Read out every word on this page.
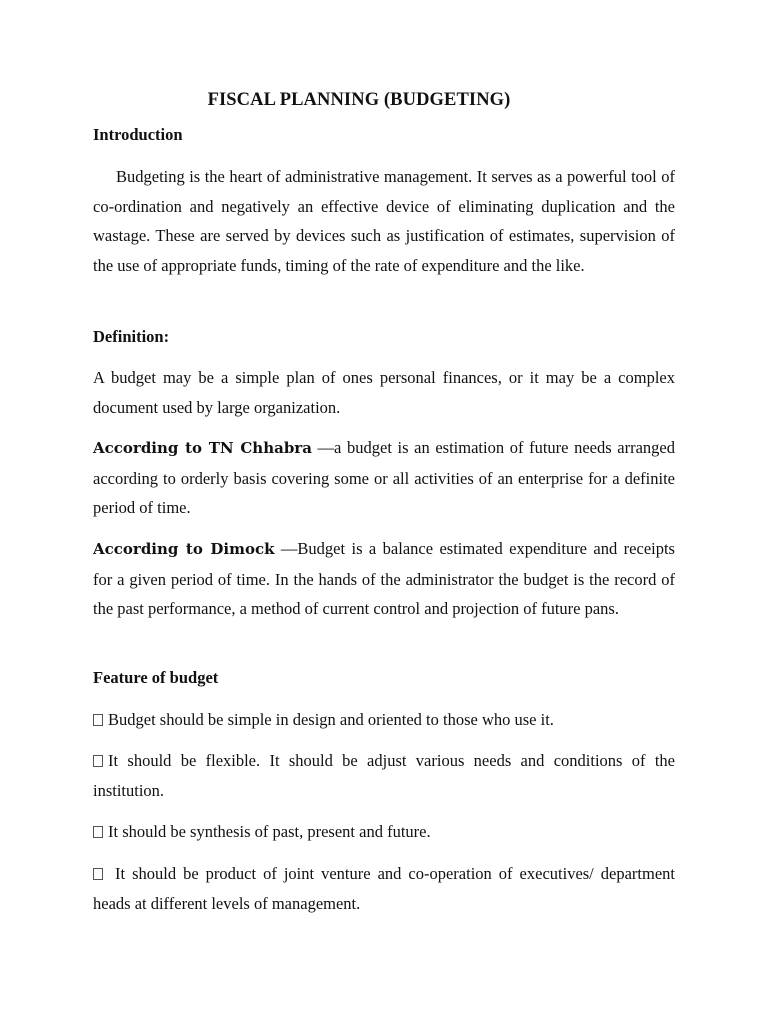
FISCAL PLANNING (BUDGETING)
Introduction

Budgeting is the heart of administrative management. It serves as a powerful tool of co-ordination and negatively an effective device of eliminating duplication and the wastage. These are served by devices such as justification of estimates, supervision of the use of appropriate funds, timing of the rate of expenditure and the like.

Definition:

A budget may be a simple plan of ones personal finances, or it may be a complex document used by large organization.

According to TN Chhabra —a budget is an estimation of future needs arranged according to orderly basis covering some or all activities of an enterprise for a definite period of time.

According to Dimock —Budget is a balance estimated expenditure and receipts for a given period of time. In the hands of the administrator the budget is the record of the past performance, a method of current control and projection of future pans.

Feature of budget

Budget should be simple in design and oriented to those who use it.

It should be flexible. It should be adjust various needs and conditions of the institution.

It should be synthesis of past, present and future.

It should be product of joint venture and co-operation of executives/ department heads at different levels of management.
